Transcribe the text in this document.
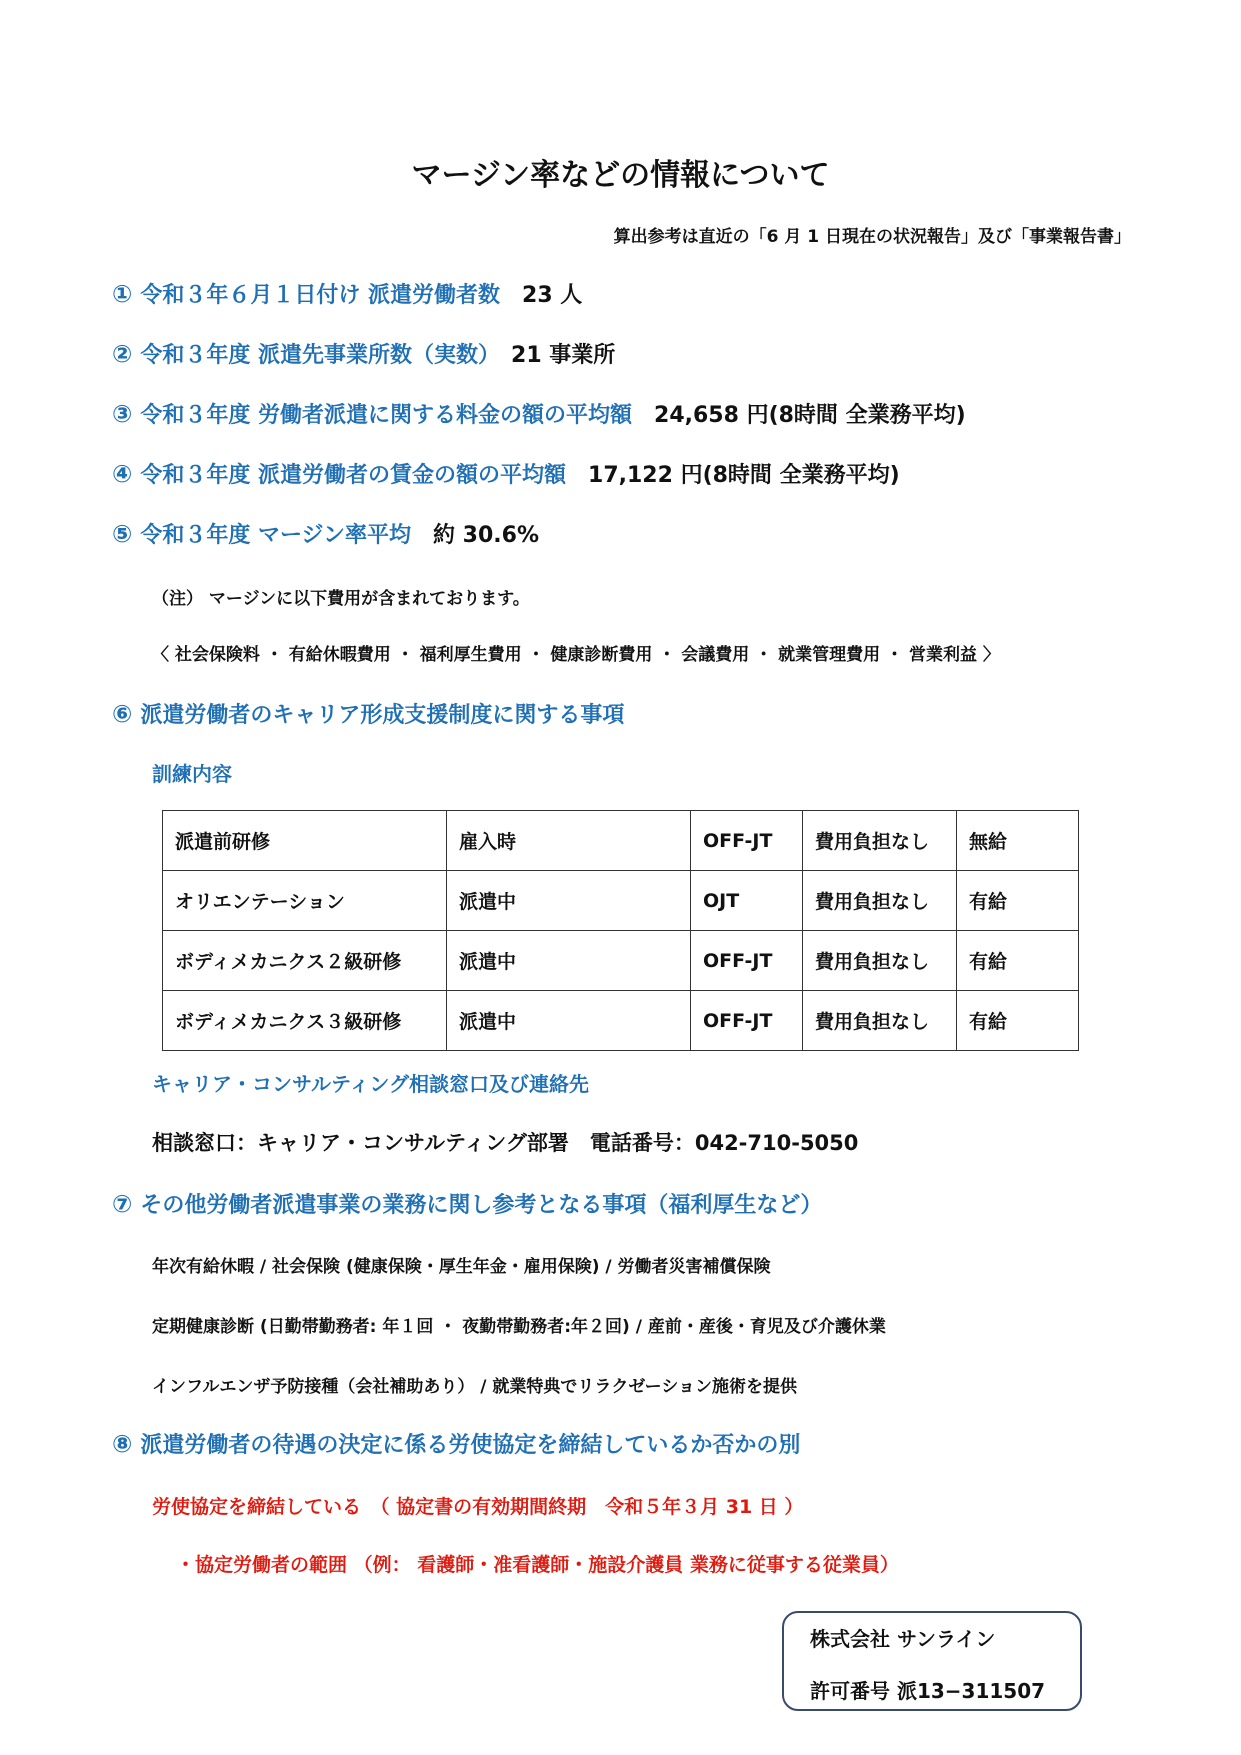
マージン率などの情報について
算出参考は直近の「6 月 1 日現在の状況報告」及び「事業報告書」
① 令和３年６月１日付け 派遣労働者数　 23 人
② 令和３年度 派遣先事業所数（実数）　 21 事業所
③ 令和３年度 労働者派遣に関する料金の額の平均額　 24,658 円(8時間 全業務平均)
④ 令和３年度 派遣労働者の賃金の額の平均額　 17,122 円(8時間 全業務平均)
⑤ 令和３年度 マージン率平均　 約 30.6%
（注） マージンに以下費用が含まれております。
〈 社会保険料 ・ 有給休暇費用 ・ 福利厚生費用 ・ 健康診断費用 ・ 会議費用 ・ 就業管理費用 ・ 営業利益 〉
⑥ 派遣労働者のキャリア形成支援制度に関する事項
訓練内容
派遣前研修	雇入時	OFF-JT	費用負担なし	無給
オリエンテーション	派遣中	OJT	費用負担なし	有給
ボディメカニクス２級研修	派遣中	OFF-JT	費用負担なし	有給
ボディメカニクス３級研修	派遣中	OFF-JT	費用負担なし	有給
キャリア・コンサルティング相談窓口及び連絡先
相談窓口：キャリア・コンサルティング部署　電話番号：042-710-5050
⑦ その他労働者派遣事業の業務に関し参考となる事項（福利厚生など）
年次有給休暇 / 社会保険 (健康保険・厚生年金・雇用保険) / 労働者災害補償保険
定期健康診断 (日勤帯勤務者: 年１回 ・ 夜勤帯勤務者:年２回) / 産前・産後・育児及び介護休業
インフルエンザ予防接種（会社補助あり） / 就業特典でリラクゼーション施術を提供
⑧ 派遣労働者の待遇の決定に係る労使協定を締結しているか否かの別
労使協定を締結している　（ 協定書の有効期間終期　令和５年３月 31 日 ）
・協定労働者の範囲 （例： 看護師・准看護師・施設介護員 業務に従事する従業員）
株式会社 サンライン
許可番号 派13−311507
